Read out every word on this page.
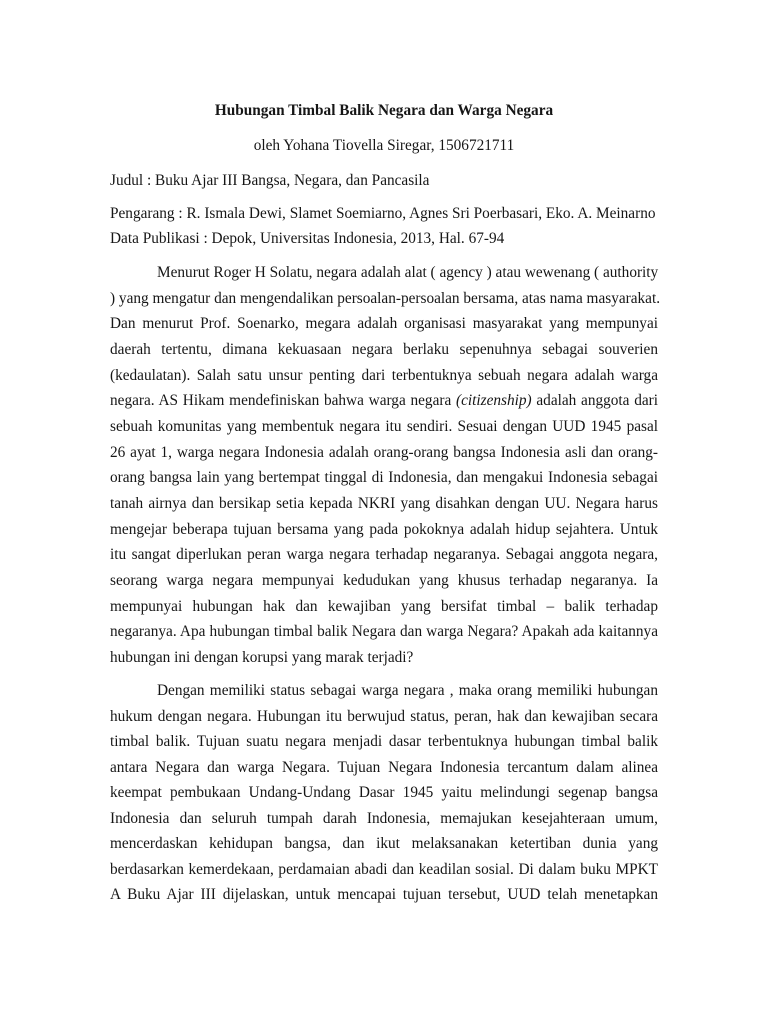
Hubungan Timbal Balik Negara dan Warga Negara
oleh Yohana Tiovella Siregar, 1506721711
Judul : Buku Ajar III Bangsa, Negara, dan Pancasila
Pengarang : R. Ismala Dewi, Slamet Soemiarno, Agnes Sri Poerbasari, Eko. A. Meinarno
Data Publikasi : Depok, Universitas Indonesia, 2013, Hal. 67-94
Menurut Roger H Solatu, negara adalah alat ( agency ) atau wewenang ( authority
) yang mengatur dan mengendalikan persoalan-persoalan bersama, atas nama masyarakat.
Dan menurut Prof. Soenarko, megara adalah organisasi masyarakat yang mempunyai
daerah tertentu, dimana kekuasaan negara berlaku sepenuhnya sebagai souverien
(kedaulatan). Salah satu unsur penting dari terbentuknya sebuah negara adalah warga
negara. AS Hikam mendefiniskan bahwa warga negara (citizenship) adalah anggota dari
sebuah komunitas yang membentuk negara itu sendiri. Sesuai dengan UUD 1945 pasal
26 ayat 1, warga negara Indonesia adalah orang-orang bangsa Indonesia asli dan orang-
orang bangsa lain yang bertempat tinggal di Indonesia, dan mengakui Indonesia sebagai
tanah airnya dan bersikap setia kepada NKRI yang disahkan dengan UU. Negara harus
mengejar beberapa tujuan bersama yang pada pokoknya adalah hidup sejahtera. Untuk
itu sangat diperlukan peran warga negara terhadap negaranya. Sebagai anggota negara,
seorang warga negara mempunyai kedudukan yang khusus terhadap negaranya. Ia
mempunyai hubungan hak dan kewajiban yang bersifat timbal – balik terhadap
negaranya. Apa hubungan timbal balik Negara dan warga Negara? Apakah ada kaitannya
hubungan ini dengan korupsi yang marak terjadi?
Dengan memiliki status sebagai warga negara , maka orang memiliki hubungan
hukum dengan negara. Hubungan itu berwujud status, peran, hak dan kewajiban secara
timbal balik. Tujuan suatu negara menjadi dasar terbentuknya hubungan timbal balik
antara Negara dan warga Negara. Tujuan Negara Indonesia tercantum dalam alinea
keempat pembukaan Undang-Undang Dasar 1945 yaitu melindungi segenap bangsa
Indonesia dan seluruh tumpah darah Indonesia, memajukan kesejahteraan umum,
mencerdaskan kehidupan bangsa, dan ikut melaksanakan ketertiban dunia yang
berdasarkan kemerdekaan, perdamaian abadi dan keadilan sosial. Di dalam buku MPKT
A Buku Ajar III dijelaskan, untuk mencapai tujuan tersebut, UUD telah menetapkan
